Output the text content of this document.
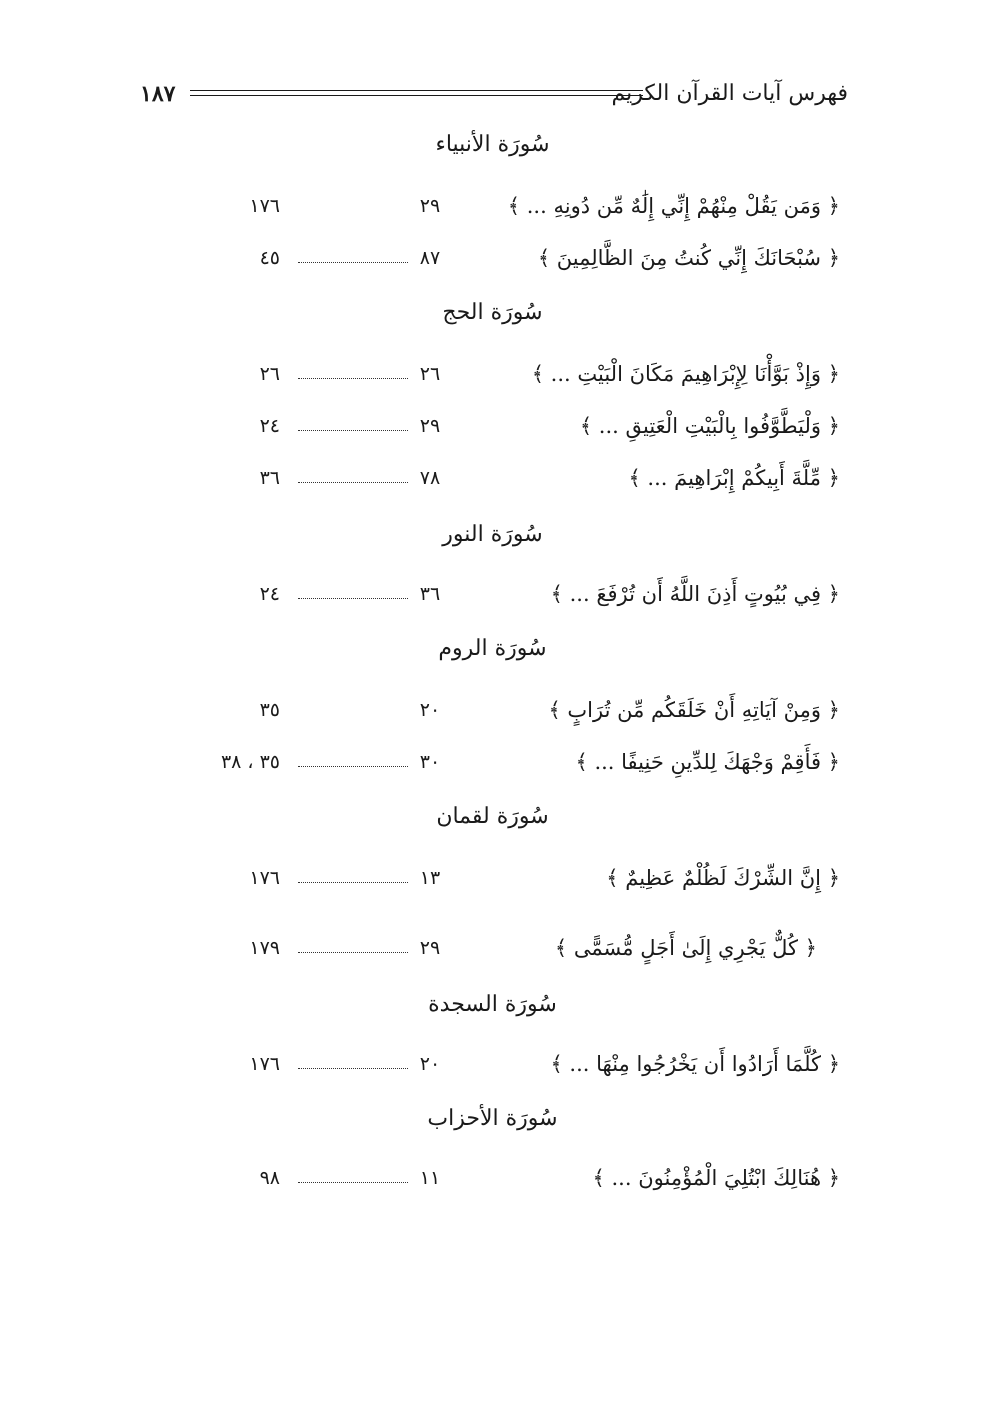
فهرس آيات القرآن الكريم
١٨٧
سُورَة الأنبياء
﴿ وَمَن يَقُلْ مِنْهُمْ إِنِّي إِلَٰهٌ مِّن دُونِهِ ... ﴾
٢٩
١٧٦
﴿ سُبْحَانَكَ إِنِّي كُنتُ مِنَ الظَّالِمِينَ ﴾
٨٧
٤٥
سُورَة الحج
﴿ وَإِذْ بَوَّأْنَا لِإِبْرَاهِيمَ مَكَانَ الْبَيْتِ ... ﴾
٢٦
٢٦
﴿ وَلْيَطَّوَّفُوا بِالْبَيْتِ الْعَتِيقِ ... ﴾
٢٩
٢٤
﴿ مِّلَّةَ أَبِيكُمْ إِبْرَاهِيمَ ... ﴾
٧٨
٣٦
سُورَة النور
﴿ فِي بُيُوتٍ أَذِنَ اللَّهُ أَن تُرْفَعَ ... ﴾
٣٦
٢٤
سُورَة الروم
﴿ وَمِنْ آيَاتِهِ أَنْ خَلَقَكُم مِّن تُرَابٍ ﴾
٢٠
٣٥
﴿ فَأَقِمْ وَجْهَكَ لِلدِّينِ حَنِيفًا ... ﴾
٣٠
٣٥ ، ٣٨
سُورَة لقمان
﴿ إِنَّ الشِّرْكَ لَظُلْمٌ عَظِيمٌ ﴾
١٣
١٧٦
﴿ كُلٌّ يَجْرِي إِلَىٰ أَجَلٍ مُّسَمًّى ﴾
٢٩
١٧٩
سُورَة السجدة
﴿ كُلَّمَا أَرَادُوا أَن يَخْرُجُوا مِنْهَا ... ﴾
٢٠
١٧٦
سُورَة الأحزاب
﴿ هُنَالِكَ ابْتُلِيَ الْمُؤْمِنُونَ ... ﴾
١١
٩٨
